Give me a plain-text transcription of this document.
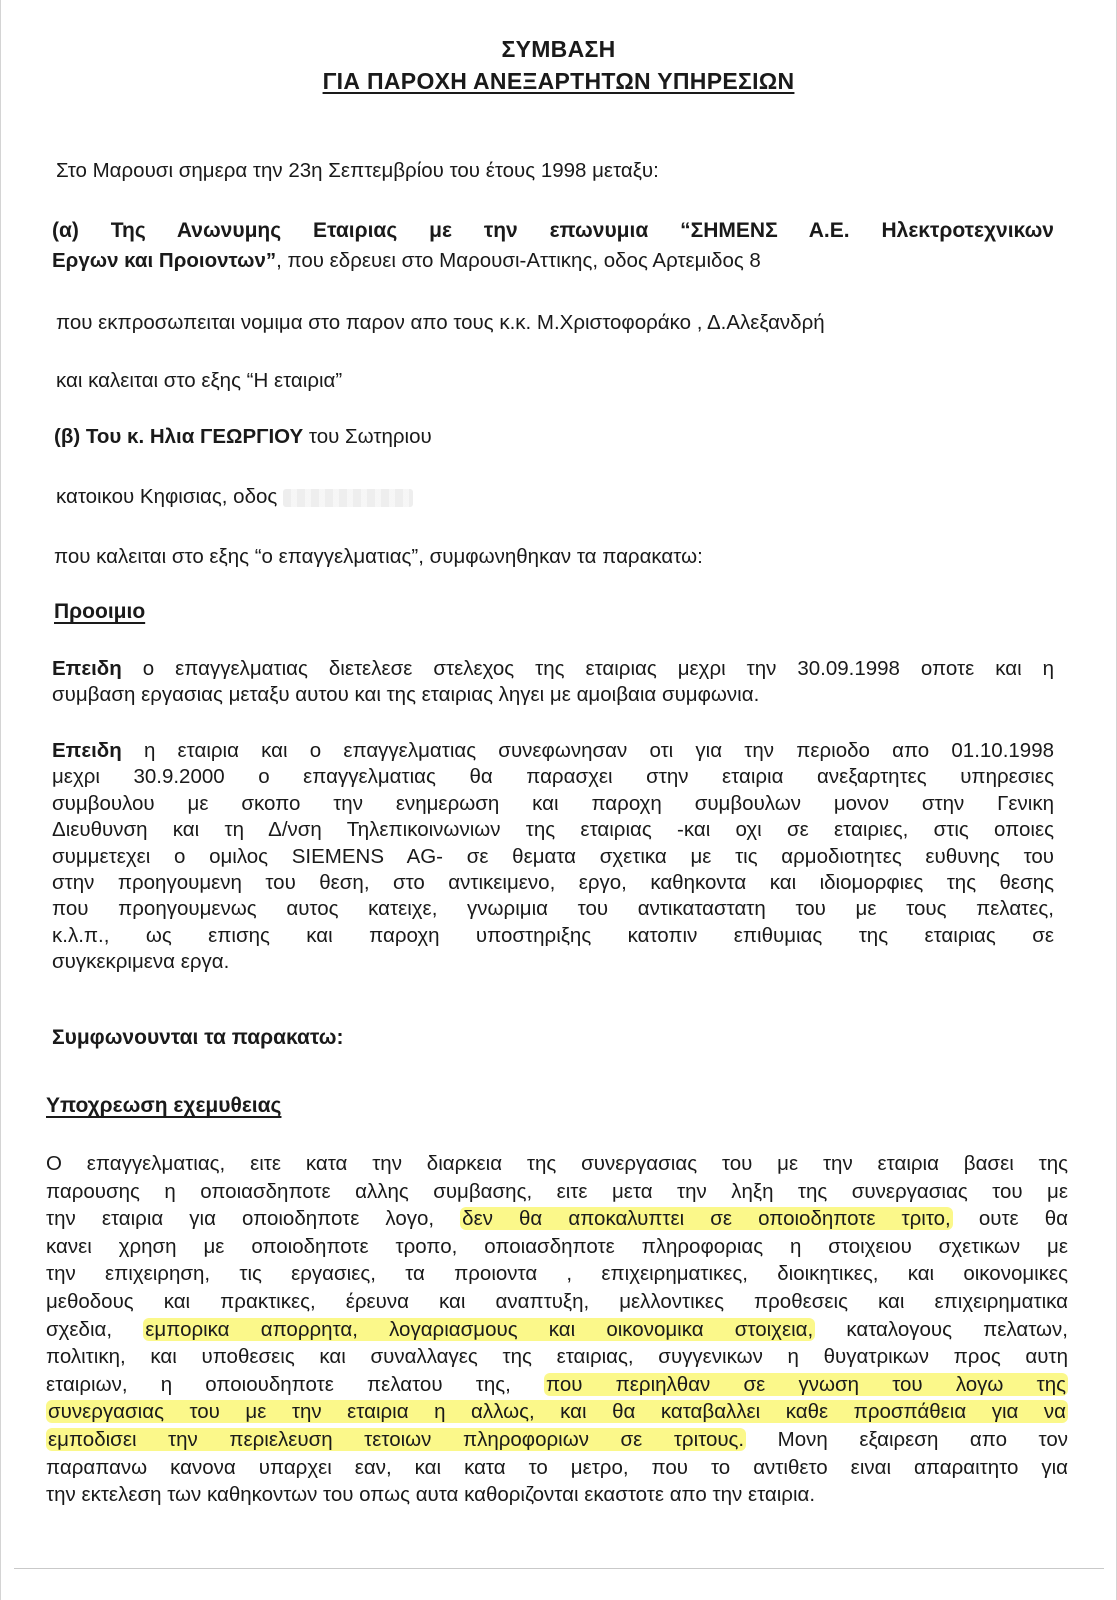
ΣΥΜΒΑΣΗ
ΓΙΑ ΠΑΡΟΧΗ ΑΝΕΞΑΡΤΗΤΩΝ ΥΠΗΡΕΣΙΩΝ
Στο Μαρουσι σημερα την 23η Σεπτεμβρίου του έτους 1998 μεταξυ:
(α) Της Ανωνυμης Εταιριας με την επωνυμια “ΣΗΜΕΝΣ Α.Ε. Ηλεκτροτεχνικων
Εργων και Προιοντων”, που εδρευει στο Μαρουσι-Αττικης, οδος Αρτεμιδος 8
που εκπροσωπειται νομιμα στο παρον απο τους κ.κ. Μ.Χριστοφοράκο , Δ.Αλεξανδρή
και καλειται στο εξης “Η εταιρια”
(β) Του κ. Ηλια ΓΕΩΡΓΙΟΥ του Σωτηριου
κατοικου Κηφισιας, οδος
που καλειται στο εξης “ο επαγγελματιας”, συμφωνηθηκαν τα παρακατω:
Προοιμιο
Επειδη ο επαγγελματιας διετελεσε στελεχος της εταιριας μεχρι την 30.09.1998 οποτε και η
συμβαση εργασιας μεταξυ αυτου και της εταιριας ληγει με αμοιβαια συμφωνια.
Επειδη η εταιρια και ο επαγγελματιας συνεφωνησαν οτι για την περιοδο απο 01.10.1998
μεχρι 30.9.2000 ο επαγγελματιας θα παρασχει στην εταιρια ανεξαρτητες υπηρεσιες
συμβουλου με σκοπο την ενημερωση και παροχη συμβουλων μονον στην Γενικη
Διευθυνση και τη Δ/νση Τηλεπικοινωνιων της εταιριας -και οχι σε εταιριες, στις οποιες
συμμετεχει ο ομιλος SIEMENS AG- σε θεματα σχετικα με τις αρμοδιοτητες ευθυνης του
στην προηγουμενη του θεση, στο αντικειμενο, εργο, καθηκοντα και ιδιομορφιες της θεσης
που προηγουμενως αυτος κατειχε, γνωριμια του αντικαταστατη του με τους πελατες,
κ.λ.π., ως επισης και παροχη υποστηριξης κατοπιν επιθυμιας της εταιριας σε
συγκεκριμενα εργα.
Συμφωνουνται τα παρακατω:
Υποχρεωση εχεμυθειας
Ο επαγγελματιας, ειτε κατα την διαρκεια της συνεργασιας του με την εταιρια βασει της
παρουσης η οποιασδηποτε αλλης συμβασης, ειτε μετα την ληξη της συνεργασιας του με
την εταιρια για οποιοδηποτε λογο, δεν θα αποκαλυπτει σε οποιοδηποτε τριτο, ουτε θα
κανει χρηση με οποιοδηποτε τροπο, οποιασδηποτε πληροφοριας η στοιχειου σχετικων με
την επιχειρηση, τις εργασιες, τα προιοντα , επιχειρηματικες, διοικητικες, και οικονομικες
μεθοδους και πρακτικες, έρευνα και αναπτυξη, μελλοντικες προθεσεις και επιχειρηματικα
σχεδια, εμπορικα απορρητα, λογαριασμους και οικονομικα στοιχεια, καταλογους πελατων,
πολιτικη, και υποθεσεις και συναλλαγες της εταιριας, συγγενικων η θυγατρικων προς αυτη
εταιριων, η οποιουδηποτε πελατου της, που περιηλθαν σε γνωση του λογω της
συνεργασιας του με την εταιρια η αλλως, και θα καταβαλλει καθε προσπάθεια για να
εμποδισει την περιελευση τετοιων πληροφοριων σε τριτους. Μονη εξαιρεση απο τον
παραπανω κανονα υπαρχει εαν, και κατα το μετρο, που το αντιθετο ειναι απαραιτητο για
την εκτελεση των καθηκοντων του οπως αυτα καθοριζονται εκαστοτε απο την εταιρια.
